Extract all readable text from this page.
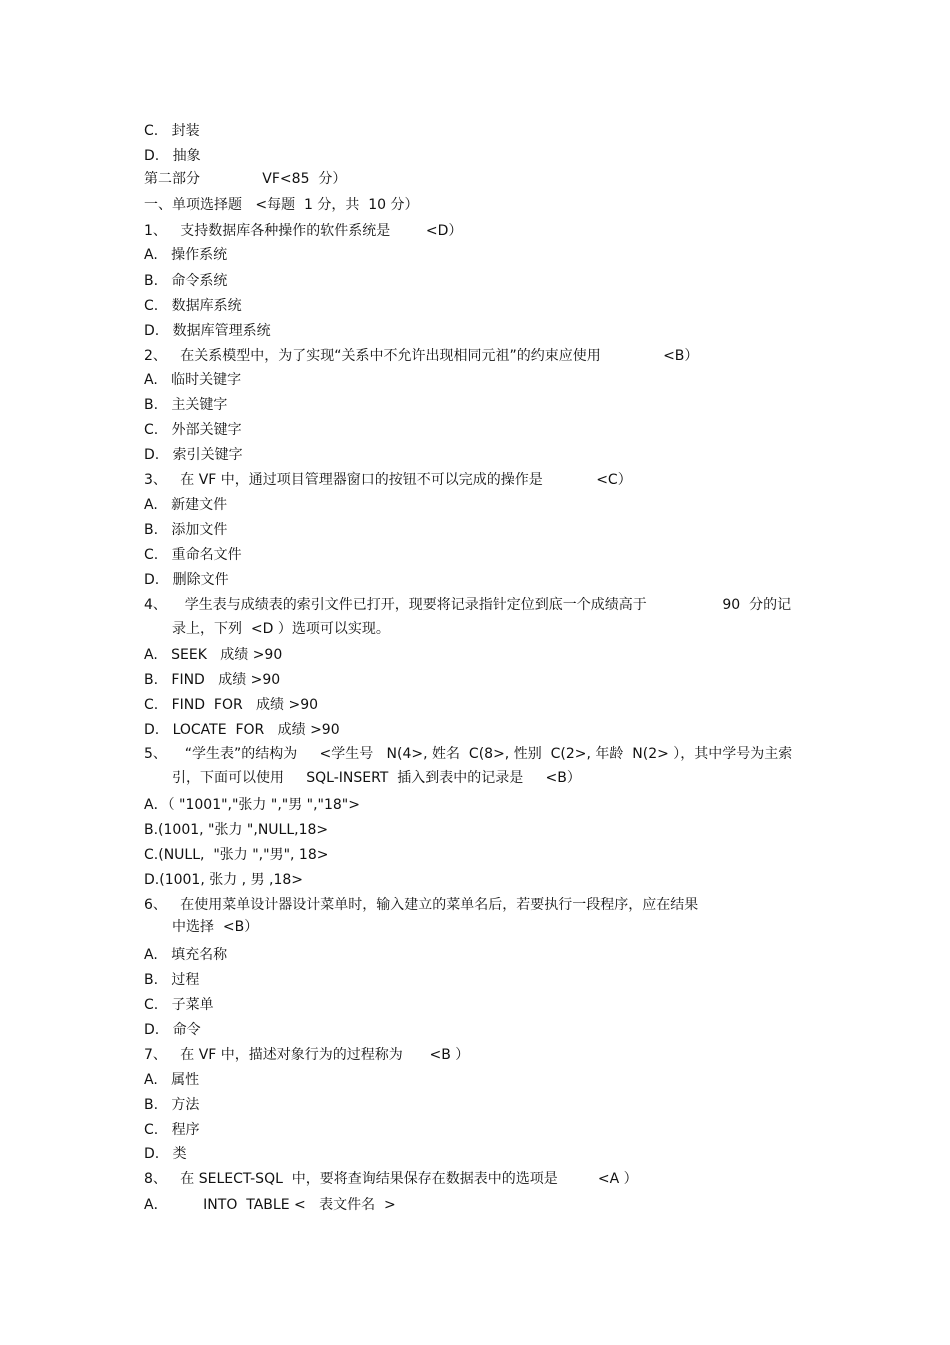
C.   封装
D.   抽象
第二部分              VF<85  分）
一、单项选择题   <每题  1 分，共  10 分）
1、   支持数据库各种操作的软件系统是        <D）
A.   操作系统
B.   命令系统
C.   数据库系统
D.   数据库管理系统
2、   在关系模型中，为了实现“关系中不允许出现相同元祖”的约束应使用              <B）
A.   临时关键字
B.   主关键字
C.   外部关键字
D.   索引关键字
3、   在 VF 中，通过项目管理器窗口的按钮不可以完成的操作是            <C）
A.   新建文件
B.   添加文件
C.   重命名文件
D.   删除文件
4、    学生表与成绩表的索引文件已打开，现要将记录指针定位到底一个成绩高于                 90  分的记
录上，下列  <D ）选项可以实现。
A.   SEEK   成绩 >90
B.   FIND   成绩 >90
C.   FIND  FOR   成绩 >90
D.   LOCATE  FOR   成绩 >90
5、    “学生表”的结构为     <学生号   N(4>, 姓名  C(8>, 性别  C(2>, 年龄  N(2> ），其中学号为主索
引，下面可以使用     SQL-INSERT  插入到表中的记录是     <B）
A．（ "1001","张力 ","男 ","18">
B.(1001, "张力 ",NULL,18>
C.(NULL,  "张力 ","男", 18>
D.(1001, 张力 , 男 ,18>
6、   在使用菜单设计器设计菜单时，输入建立的菜单名后，若要执行一段程序，应在结果
中选择  <B）
A.   填充名称
B.   过程
C.   子菜单
D.   命令
7、   在 VF 中，描述对象行为的过程称为      <B ）
A.   属性
B.   方法
C.   程序
D.   类
8、   在 SELECT-SQL  中，要将查询结果保存在数据表中的选项是         <A ）
A．        INTO  TABLE <   表文件名  >
